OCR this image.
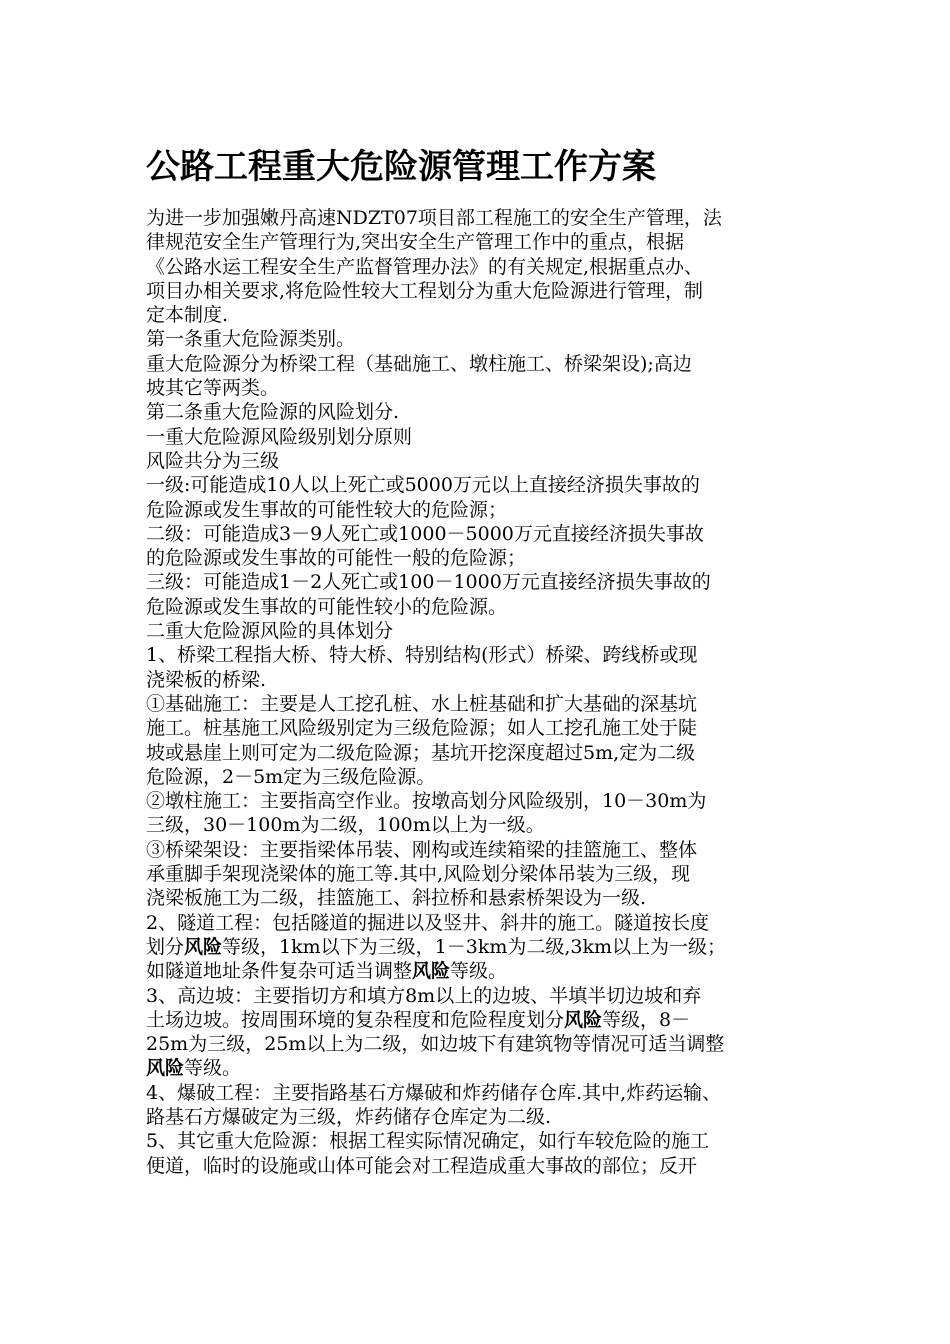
公路工程重大危险源管理工作方案

为进一步加强嫩丹高速NDZT07项目部工程施工的安全生产管理，法

律规范安全生产管理行为,突出安全生产管理工作中的重点，根据

《公路水运工程安全生产监督管理办法》的有关规定,根据重点办、

项目办相关要求,将危险性较大工程划分为重大危险源进行管理，制

定本制度.

第一条重大危险源类别。

重大危险源分为桥梁工程（基础施工、墩柱施工、桥梁架设);高边

坡其它等两类。

第二条重大危险源的风险划分.

一重大危险源风险级别划分原则

风险共分为三级

一级:可能造成10人以上死亡或5000万元以上直接经济损失事故的

危险源或发生事故的可能性较大的危险源；

二级：可能造成3－9人死亡或1000－5000万元直接经济损失事故

的危险源或发生事故的可能性一般的危险源；

三级：可能造成1－2人死亡或100－1000万元直接经济损失事故的

危险源或发生事故的可能性较小的危险源。

二重大危险源风险的具体划分

1、桥梁工程指大桥、特大桥、特别结构(形式）桥梁、跨线桥或现

浇梁板的桥梁.

①基础施工：主要是人工挖孔桩、水上桩基础和扩大基础的深基坑

施工。桩基施工风险级别定为三级危险源；如人工挖孔施工处于陡

坡或悬崖上则可定为二级危险源；基坑开挖深度超过5m,定为二级

危险源，2－5m定为三级危险源。

②墩柱施工：主要指高空作业。按墩高划分风险级别，10－30m为

三级，30－100m为二级，100m以上为一级。

③桥梁架设：主要指梁体吊装、刚构或连续箱梁的挂篮施工、整体

承重脚手架现浇梁体的施工等.其中,风险划分梁体吊装为三级，现

浇梁板施工为二级，挂篮施工、斜拉桥和悬索桥架设为一级.

2、隧道工程：包括隧道的掘进以及竖井、斜井的施工。隧道按长度

划分风险等级，1km以下为三级，1－3km为二级,3km以上为一级；

如隧道地址条件复杂可适当调整风险等级。

3、高边坡：主要指切方和填方8m以上的边坡、半填半切边坡和弃

土场边坡。按周围环境的复杂程度和危险程度划分风险等级，8－

25m为三级，25m以上为二级，如边坡下有建筑物等情况可适当调整

风险等级。

4、爆破工程：主要指路基石方爆破和炸药储存仓库.其中,炸药运输、

路基石方爆破定为三级，炸药储存仓库定为二级.

5、其它重大危险源：根据工程实际情况确定，如行车较危险的施工

便道，临时的设施或山体可能会对工程造成重大事故的部位；反开
